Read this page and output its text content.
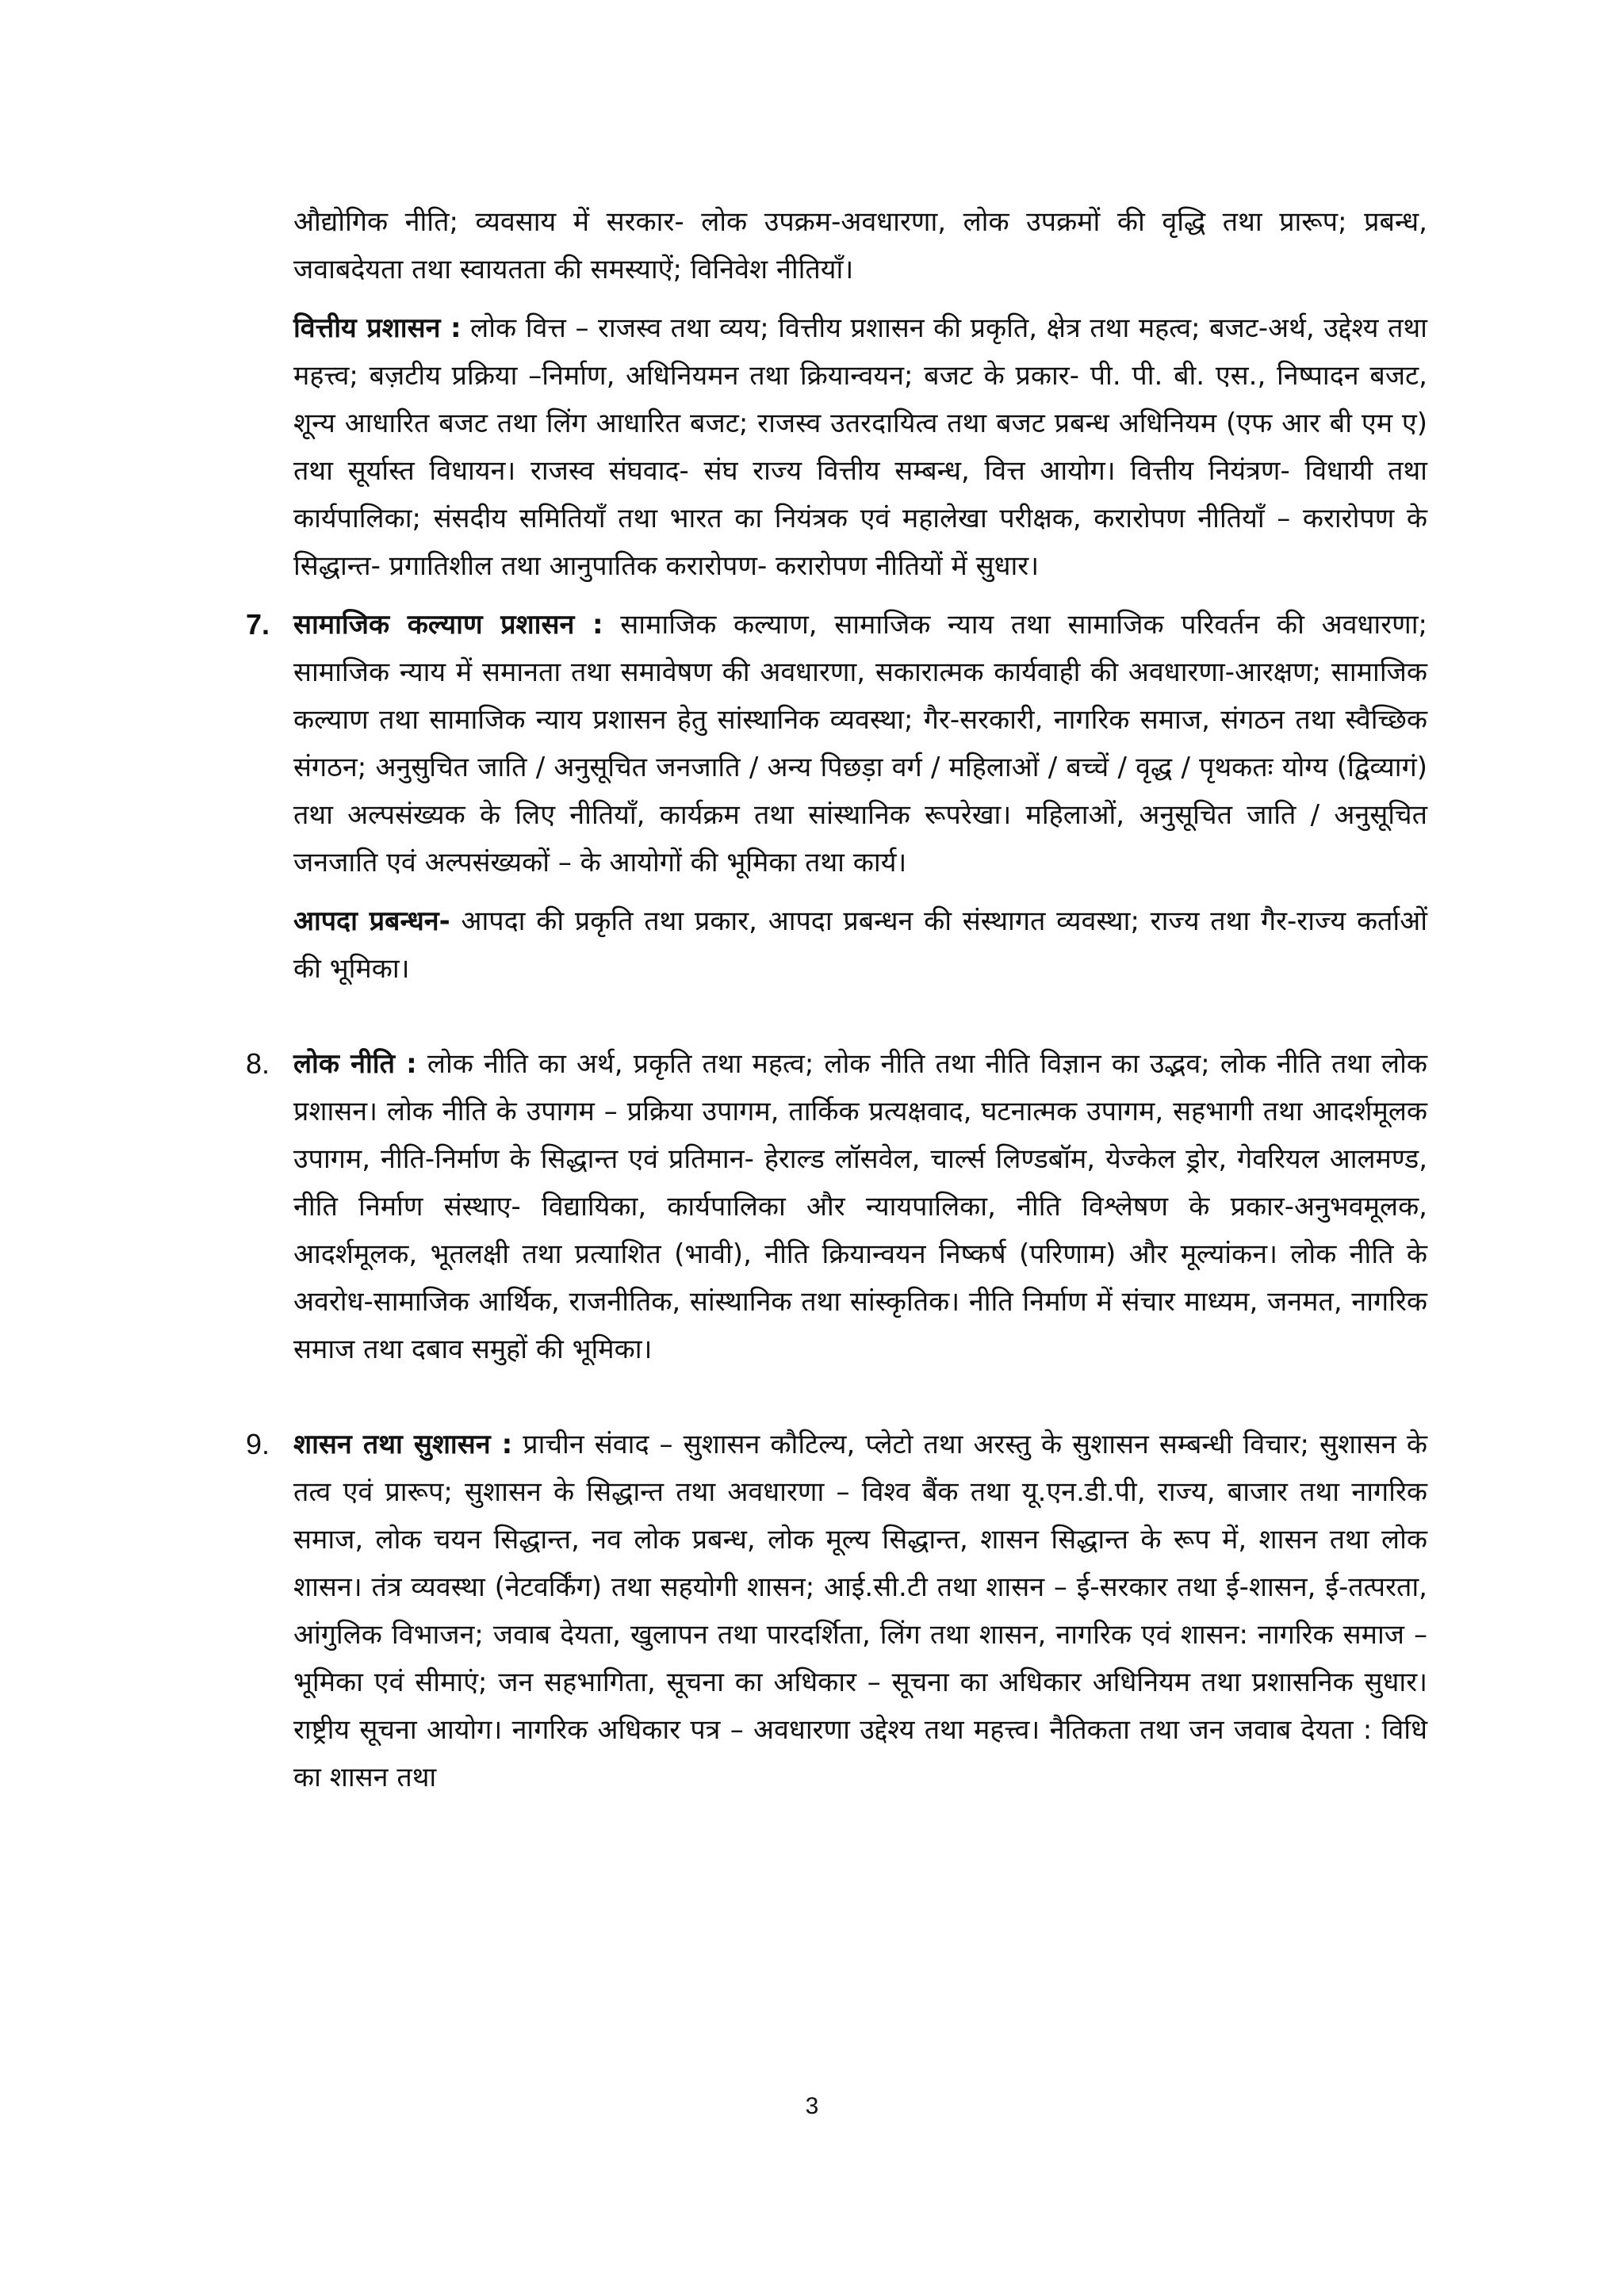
औद्योगिक नीति; व्यवसाय में सरकार- लोक उपक्रम-अवधारणा, लोक उपक्रमों की वृद्धि तथा प्रारूप; प्रबन्ध, जवाबदेयता तथा स्वायतता की समस्याऐं; विनिवेश नीतियाँ।

वित्तीय प्रशासन : लोक वित्त – राजस्व तथा व्यय; वित्तीय प्रशासन की प्रकृति, क्षेत्र तथा महत्व; बजट-अर्थ, उद्देश्य तथा महत्त्व; बज़टीय प्रक्रिया –निर्माण, अधिनियमन तथा क्रियान्वयन; बजट के प्रकार- पी. पी. बी. एस., निष्पादन बजट, शून्य आधारित बजट तथा लिंग आधारित बजट; राजस्व उतरदायित्व तथा बजट प्रबन्ध अधिनियम (एफ आर बी एम ए) तथा सूर्यास्त विधायन। राजस्व संघवाद- संघ राज्य वित्तीय सम्बन्ध, वित्त आयोग। वित्तीय नियंत्रण- विधायी तथा कार्यपालिका; संसदीय समितियाँ तथा भारत का नियंत्रक एवं महालेखा परीक्षक, करारोपण नीतियाँ – करारोपण के सिद्धान्त- प्रगातिशील तथा आनुपातिक करारोपण- करारोपण नीतियों में सुधार।

7. सामाजिक कल्याण प्रशासन : सामाजिक कल्याण, सामाजिक न्याय तथा सामाजिक परिवर्तन की अवधारणा; सामाजिक न्याय में समानता तथा समावेषण की अवधारणा, सकारात्मक कार्यवाही की अवधारणा-आरक्षण; सामाजिक कल्याण तथा सामाजिक न्याय प्रशासन हेतु सांस्थानिक व्यवस्था; गैर-सरकारी, नागरिक समाज, संगठन तथा स्वैच्छिक संगठन; अनुसुचित जाति / अनुसूचित जनजाति / अन्य पिछड़ा वर्ग / महिलाओं / बच्चें / वृद्ध / पृथकतः योग्य (द्विव्यागं) तथा अल्पसंख्यक के लिए नीतियाँ, कार्यक्रम तथा सांस्थानिक रूपरेखा। महिलाओं, अनुसूचित जाति / अनुसूचित जनजाति एवं अल्पसंख्यकों – के आयोगों की भूमिका तथा कार्य।

आपदा प्रबन्धन- आपदा की प्रकृति तथा प्रकार, आपदा प्रबन्धन की संस्थागत व्यवस्था; राज्य तथा गैर-राज्य कर्ताओं की भूमिका।

8. लोक नीति : लोक नीति का अर्थ, प्रकृति तथा महत्व; लोक नीति तथा नीति विज्ञान का उद्भव; लोक नीति तथा लोक प्रशासन। लोक नीति के उपागम – प्रक्रिया उपागम, तार्किक प्रत्यक्षवाद, घटनात्मक उपागम, सहभागी तथा आदर्शमूलक उपागम, नीति-निर्माण के सिद्धान्त एवं प्रतिमान- हेराल्ड लॉसवेल, चार्ल्स लिण्डबॉम, येज्केल ड्रोर, गेवरियल आलमण्ड, नीति निर्माण संस्थाए- विद्यायिका, कार्यपालिका और न्यायपालिका, नीति विश्लेषण के प्रकार-अनुभवमूलक, आदर्शमूलक, भूतलक्षी तथा प्रत्याशित (भावी), नीति क्रियान्वयन निष्कर्ष (परिणाम) और मूल्यांकन। लोक नीति के अवरोध-सामाजिक आर्थिक, राजनीतिक, सांस्थानिक तथा सांस्कृतिक। नीति निर्माण में संचार माध्यम, जनमत, नागरिक समाज तथा दबाव समुहों की भूमिका।
9. शासन तथा सुशासन : प्राचीन संवाद – सुशासन कौटिल्य, प्लेटो तथा अरस्तु के सुशासन सम्बन्धी विचार; सुशासन के तत्व एवं प्रारूप; सुशासन के सिद्धान्त तथा अवधारणा – विश्व बैंक तथा यू.एन.डी.पी, राज्य, बाजार तथा नागरिक समाज, लोक चयन सिद्धान्त, नव लोक प्रबन्ध, लोक मूल्य सिद्धान्त, शासन सिद्धान्त के रूप में, शासन तथा लोक शासन। तंत्र व्यवस्था (नेटवर्किंग) तथा सहयोगी शासन; आई.सी.टी तथा शासन – ई-सरकार तथा ई-शासन, ई-तत्परता, आंगुलिक विभाजन; जवाब देयता, खुलापन तथा पारदर्शिता, लिंग तथा शासन, नागरिक एवं शासन: नागरिक समाज – भूमिका एवं सीमाएं; जन सहभागिता, सूचना का अधिकार – सूचना का अधिकार अधिनियम तथा प्रशासनिक सुधार। राष्ट्रीय सूचना आयोग। नागरिक अधिकार पत्र – अवधारणा उद्देश्य तथा महत्त्व। नैतिकता तथा जन जवाब देयता : विधि का शासन तथा
3
